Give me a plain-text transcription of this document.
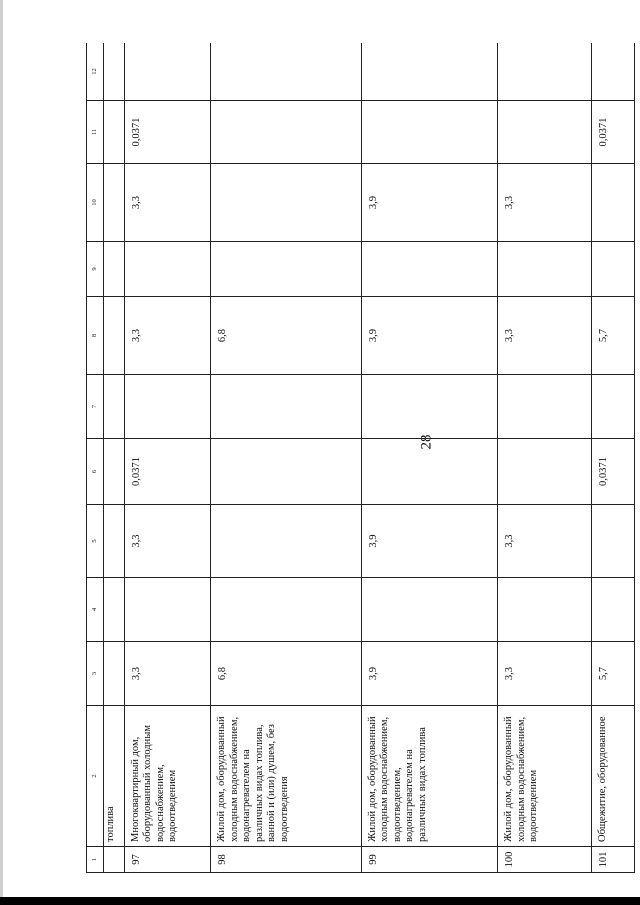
28
1	2	3	4	5	6	7	8	9	10	11	12
	топлива										
97	Многоквартирный дом, оборудованный холодным водоснабжением, водоотведением	3,3		3,3	0,0371		3,3		3,3	0,0371	
98	Жилой дом, оборудованный холодным водоснабжением, водонагревателем на различных видах топлива, ванной и (или) душем, без водоотведения	6,8					6,8				
99	Жилой дом, оборудованный холодным водоснабжением, водоотведением, водонагревателем на различных видах топлива	3,9		3,9			3,9		3,9		
100	Жилой дом, оборудованный холодным водоснабжением, водоотведением	3,3		3,3			3,3		3,3		
101	Общежитие, оборудованное	5,7			0,0371		5,7			0,0371	
